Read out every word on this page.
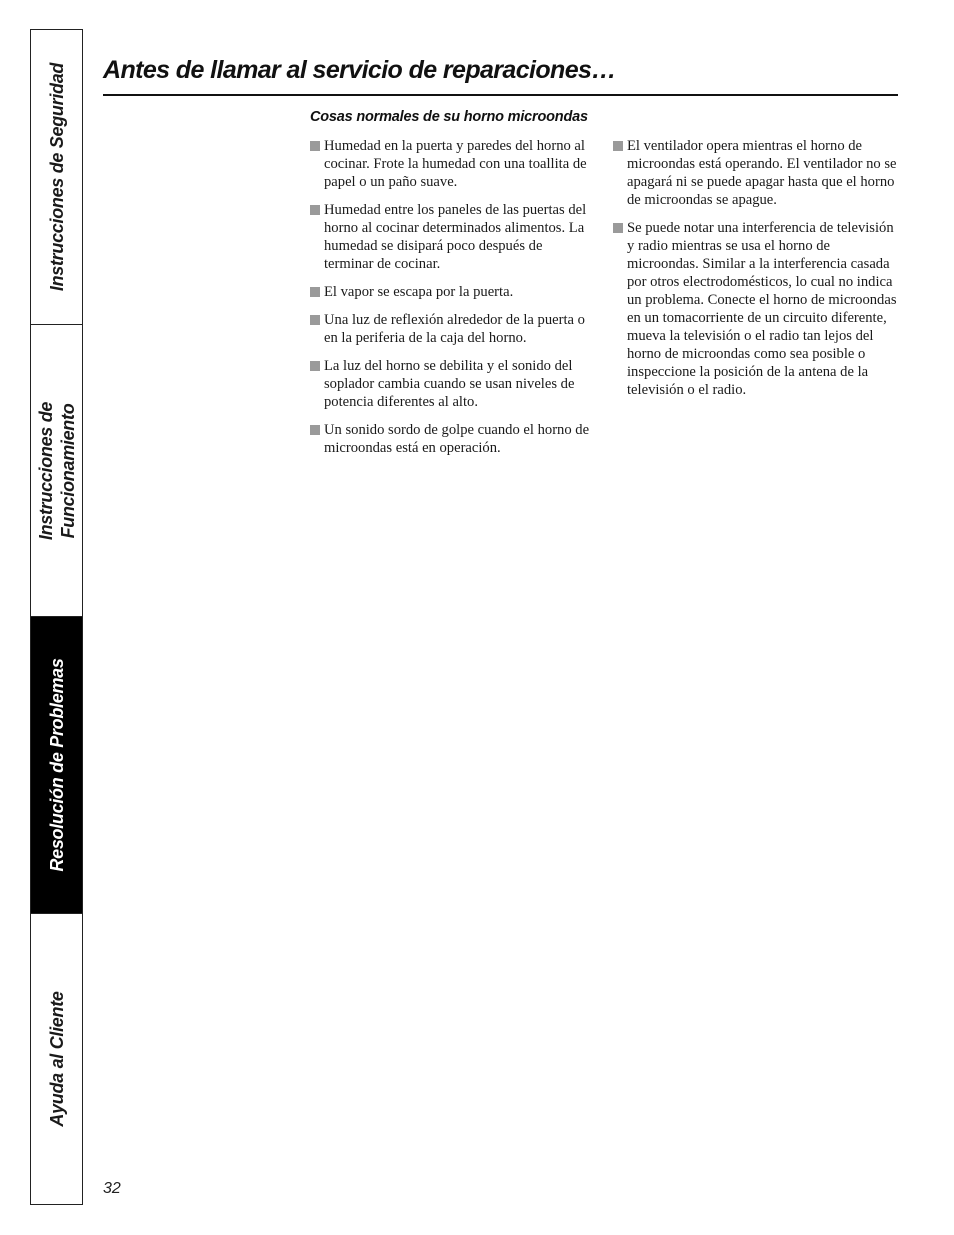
Instrucciones de Seguridad
Instrucciones de Funcionamiento
Resolución de Problemas
Ayuda al Cliente
Antes de llamar al servicio de reparaciones…
Cosas normales de su horno microondas
Humedad en la puerta y paredes del horno al cocinar. Frote la humedad con una toallita de papel o un paño suave.
Humedad entre los paneles de las puertas del horno al cocinar determinados alimentos. La humedad se disipará poco después de terminar de cocinar.
El vapor se escapa por la puerta.
Una luz de reflexión alrededor de la puerta o en la periferia de la caja del horno.
La luz del horno se debilita y el sonido del soplador cambia cuando se usan niveles de potencia diferentes al alto.
Un sonido sordo de golpe cuando el horno de microondas está en operación.
El ventilador opera mientras el horno de microondas está operando. El ventilador no se apagará ni se puede apagar hasta que el horno de microondas se apague.
Se puede notar una interferencia de televisión y radio mientras se usa el horno de microondas. Similar a la interferencia casada por otros electrodomésticos, lo cual no indica un problema. Conecte el horno de microondas en un tomacorriente de un circuito diferente, mueva la televisión o el radio tan lejos del horno de microondas como sea posible o inspeccione la posición de la antena de la televisión o el radio.
32
